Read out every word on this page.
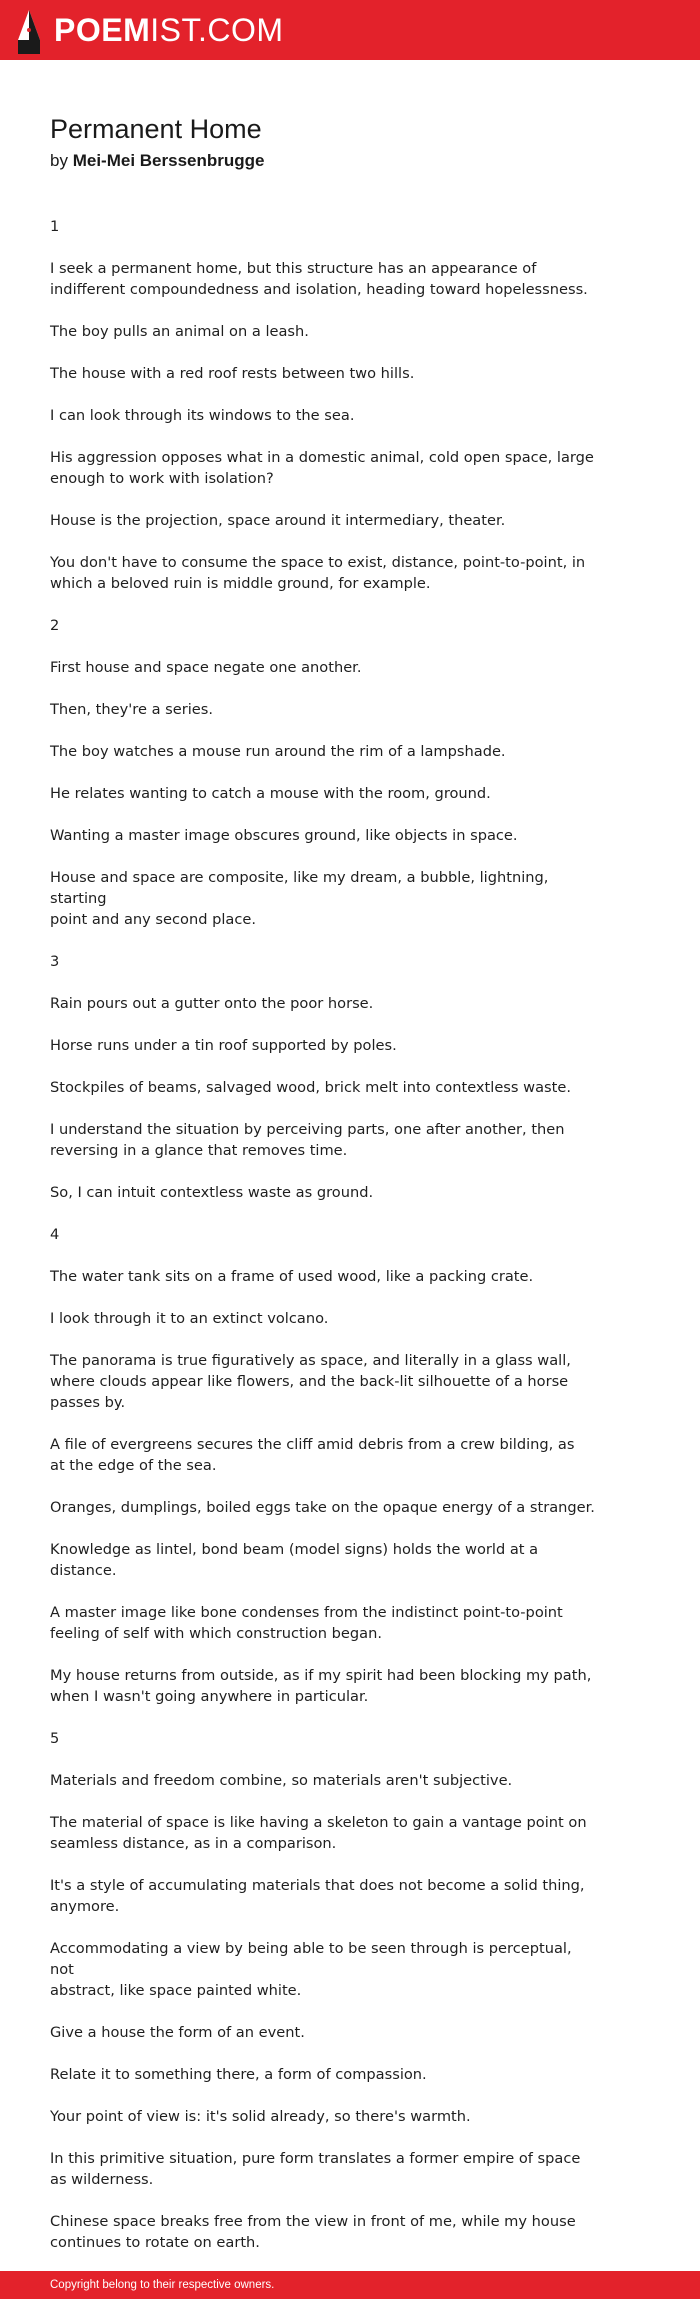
POEMIST.COM
Permanent Home
by Mei-Mei Berssenbrugge

1

I seek a permanent home, but this structure has an appearance of
indifferent compoundedness and isolation, heading toward hopelessness.

The boy pulls an animal on a leash.

The house with a red roof rests between two hills.

I can look through its windows to the sea.

His aggression opposes what in a domestic animal, cold open space, large
enough to work with isolation?

House is the projection, space around it intermediary, theater.

You don't have to consume the space to exist, distance, point-to-point, in
which a beloved ruin is middle ground, for example.

2

First house and space negate one another.

Then, they're a series.

The boy watches a mouse run around the rim of a lampshade.

He relates wanting to catch a mouse with the room, ground.

Wanting a master image obscures ground, like objects in space.

House and space are composite, like my dream, a bubble, lightning, starting
point and any second place.

3

Rain pours out a gutter onto the poor horse.

Horse runs under a tin roof supported by poles.

Stockpiles of beams, salvaged wood, brick melt into contextless waste.

I understand the situation by perceiving parts, one after another, then
reversing in a glance that removes time.

So, I can intuit contextless waste as ground.

4

The water tank sits on a frame of used wood, like a packing crate.

I look through it to an extinct volcano.

The panorama is true figuratively as space, and literally in a glass wall,
where clouds appear like flowers, and the back-lit silhouette of a horse
passes by.

A file of evergreens secures the cliff amid debris from a crew bilding, as
at the edge of the sea.

Oranges, dumplings, boiled eggs take on the opaque energy of a stranger.

Knowledge as lintel, bond beam (model signs) holds the world at a distance.

A master image like bone condenses from the indistinct point-to-point
feeling of self with which construction began.

My house returns from outside, as if my spirit had been blocking my path,
when I wasn't going anywhere in particular.

5

Materials and freedom combine, so materials aren't subjective.

The material of space is like having a skeleton to gain a vantage point on
seamless distance, as in a comparison.

It's a style of accumulating materials that does not become a solid thing,
anymore.

Accommodating a view by being able to be seen through is perceptual, not
abstract, like space painted white.

Give a house the form of an event.

Relate it to something there, a form of compassion.

Your point of view is: it's solid already, so there's warmth.

In this primitive situation, pure form translates a former empire of space
as wilderness.

Chinese space breaks free from the view in front of me, while my house
continues to rotate on earth.

Copyright belong to their respective owners.
